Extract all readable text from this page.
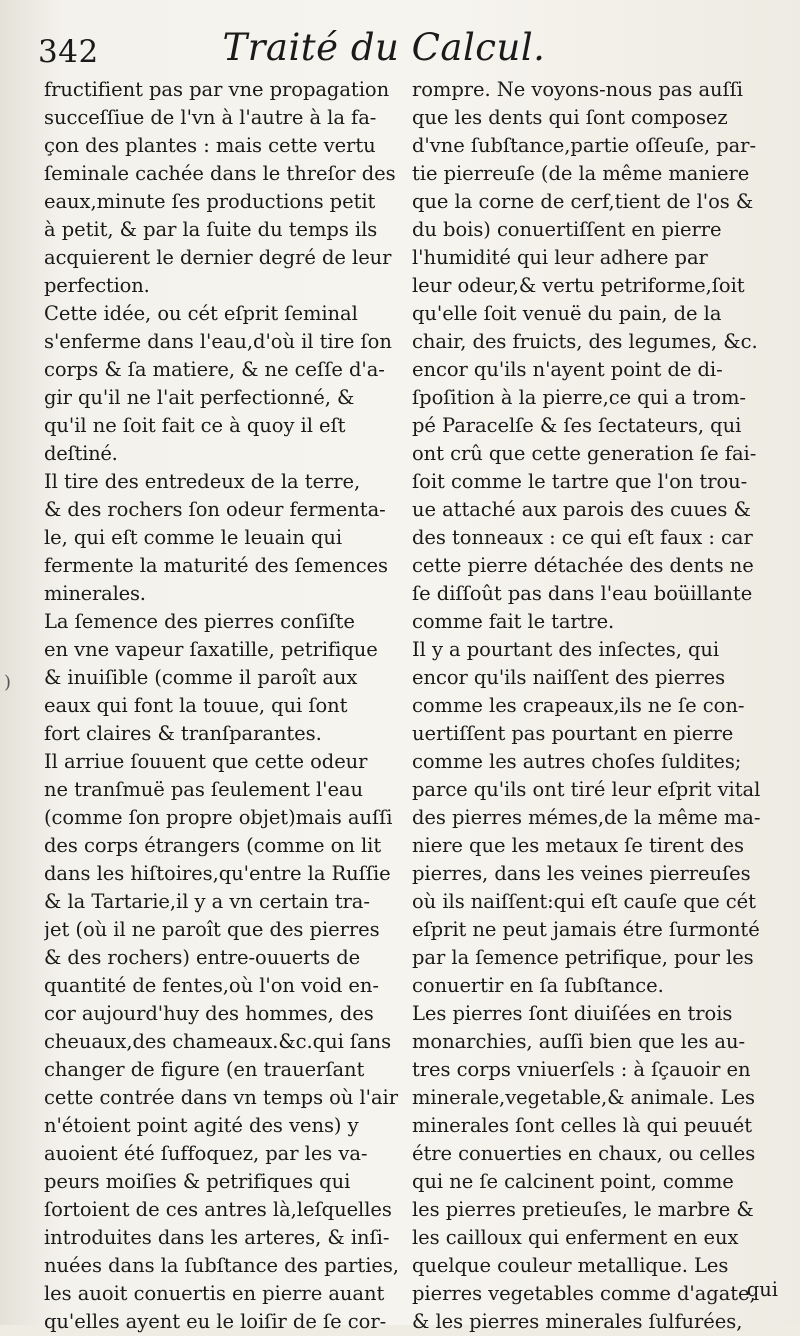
342	Traité du Calcul.
fructifient pas par vne propagation
succeſſiue de l'vn à l'autre à la fa-
çon des plantes : mais cette vertu
ſeminale cachée dans le threſor des
eaux,minute ſes productions petit
à petit, & par la ſuite du temps ils
acquierent le dernier degré de leur
perfection.
Cette idée, ou cét eſprit ſeminal
s'enferme dans l'eau,d'où il tire ſon
corps & ſa matiere, & ne ceſſe d'a-
gir qu'il ne l'ait perfectionné, &
qu'il ne ſoit fait ce à quoy il eſt
deſtiné.
Il tire des entredeux de la terre,
& des rochers ſon odeur fermenta-
le, qui eſt comme le leuain qui
fermente la maturité des ſemences
minerales.
La ſemence des pierres conſiſte
en vne vapeur ſaxatille, petrifique
& inuiſible (comme il paroît aux
eaux qui font la touue, qui ſont
fort claires & tranſparantes.
Il arriue ſouuent que cette odeur
ne tranſmuë pas ſeulement l'eau
(comme ſon propre objet)mais auſſi
des corps étrangers (comme on lit
dans les hiſtoires,qu'entre la Ruſſie
& la Tartarie,il y a vn certain tra-
jet (où il ne paroît que des pierres
& des rochers) entre-ouuerts de
quantité de fentes,où l'on void en-
cor aujourd'huy des hommes, des
cheuaux,des chameaux.&c.qui ſans
changer de figure (en trauerſant
cette contrée dans vn temps où l'air
n'étoient point agité des vens) y
auoient été ſuffoquez, par les va-
peurs moiſies & petrifiques qui
ſortoient de ces antres là,leſquelles
introduites dans les arteres, & inſi-
nuées dans la ſubſtance des parties,
les auoit conuertis en pierre auant
qu'elles ayent eu le loiſir de ſe cor-
rompre. Ne voyons-nous pas auſſi
que les dents qui ſont composez
d'vne ſubſtance,partie oſſeuſe, par-
tie pierreuſe (de la même maniere
que la corne de cerf,tient de l'os &
du bois) conuertiſſent en pierre
l'humidité qui leur adhere par
leur odeur,& vertu petriforme,ſoit
qu'elle ſoit venuë du pain, de la
chair, des fruicts, des legumes, &c.
encor qu'ils n'ayent point de di-
ſpoſition à la pierre,ce qui a trom-
pé Paracelſe & ſes ſectateurs, qui
ont crû que cette generation ſe fai-
ſoit comme le tartre que l'on trou-
ue attaché aux parois des cuues &
des tonneaux : ce qui eſt faux : car
cette pierre détachée des dents ne
ſe diſſoût pas dans l'eau boüillante
comme fait le tartre.
Il y a pourtant des inſectes, qui
encor qu'ils naiſſent des pierres
comme les crapeaux,ils ne ſe con-
uertiſſent pas pourtant en pierre
comme les autres choſes ſuldites;
parce qu'ils ont tiré leur eſprit vital
des pierres mémes,de la même ma-
niere que les metaux ſe tirent des
pierres, dans les veines pierreuſes
où ils naiſſent:qui eſt cauſe que cét
eſprit ne peut jamais étre ſurmonté
par la ſemence petrifique, pour les
conuertir en ſa ſubſtance.
Les pierres ſont diuiſées en trois
monarchies, auſſi bien que les au-
tres corps vniuerſels : à ſçauoir en
minerale,vegetable,& animale. Les
minerales ſont celles là qui peuuét
étre conuerties en chaux, ou celles
qui ne ſe calcinent point, comme
les pierres pretieuſes, le marbre &
les cailloux qui enferment en eux
quelque couleur metallique. Les
pierres vegetables comme d'agate,
& les pierres minerales ſulfurées,
)
qui
